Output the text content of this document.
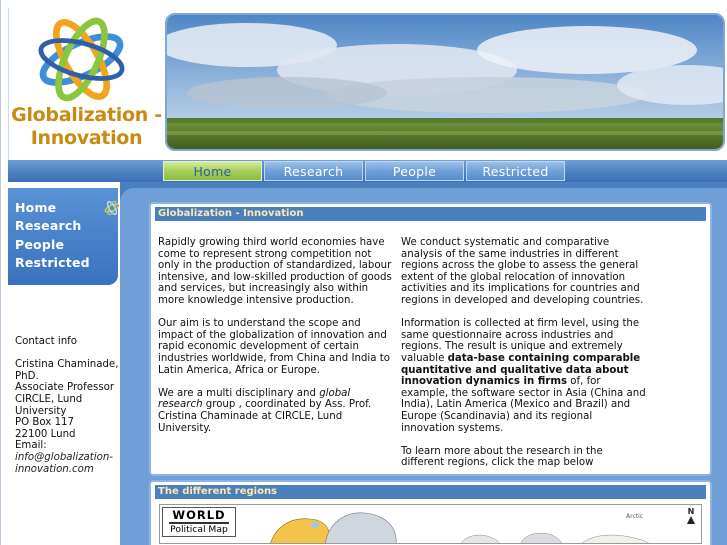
Globalization -
Innovation
Home	Research	People	Restricted
Home
Research
People
Restricted
Contact info
Cristina Chaminade,
PhD.
Associate Professor
CIRCLE, Lund University
PO Box 117
22100 Lund
Email:
info@globalization-
innovation.com
Globalization - Innovation

Rapidly growing third world economies have come to represent strong competition not only in the production of standardized, labour intensive, and low-skilled production of goods and services, but increasingly also within more knowledge intensive production.

Our aim is to understand the scope and impact of the globalization of innovation and rapid economic development of certain industries worldwide, from China and India to Latin America, Africa or Europe.

We are a multi disciplinary and global research group , coordinated by Ass. Prof. Cristina Chaminade at CIRCLE, Lund University.

We conduct systematic and comparative analysis of the same industries in different regions across the globe to assess the general extent of the global relocation of innovation activities and its implications for countries and regions in developed and developing countries.

Information is collected at firm level, using the same questionnaire across industries and regions. The result is unique and extremely valuable data-base containing comparable quantitative and qualitative data about innovation dynamics in firms of, for example, the software sector in Asia (China and India), Latin America (Mexico and Brazil) and Europe (Scandinavia) and its regional innovation systems.

To learn more about the research in the different regions, click the map below

The different regions
WORLD
Political Map
Arctic
N
